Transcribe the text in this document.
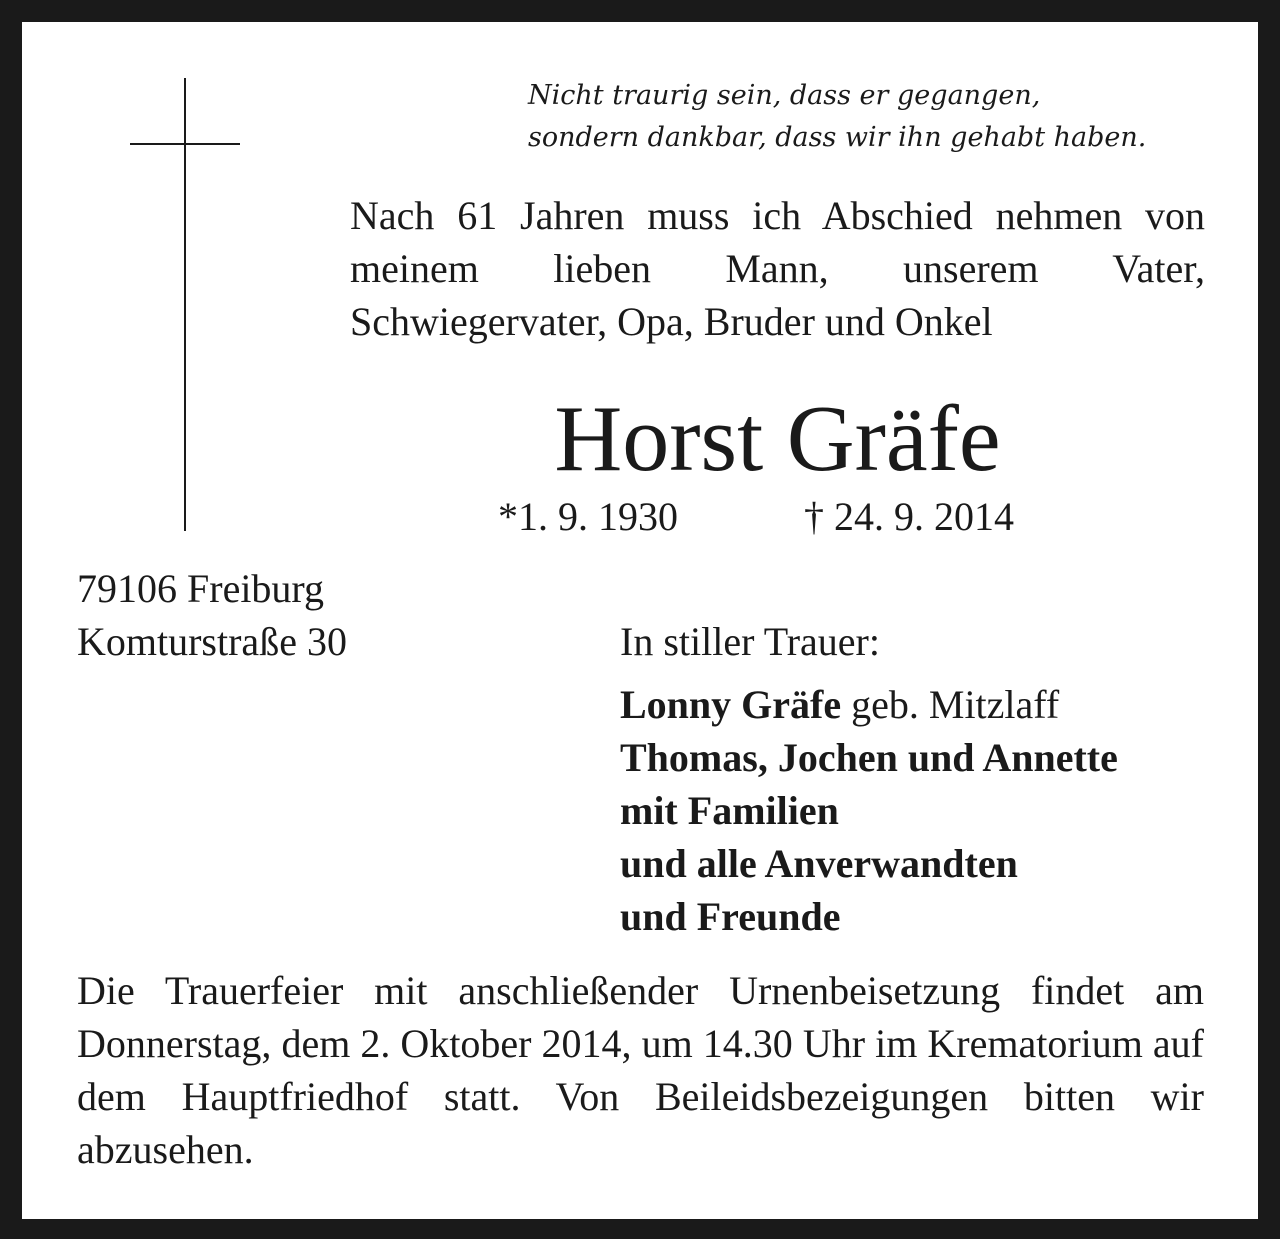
Nicht traurig sein, dass er gegangen,
sondern dankbar, dass wir ihn gehabt haben.
Nach 61 Jahren muss ich Abschied nehmen von meinem lieben Mann, unserem Vater, Schwiegervater, Opa, Bruder und Onkel
Horst Gräfe
*1. 9. 1930	† 24. 9. 2014
79106 Freiburg
Komturstraße 30	In stiller Trauer:
Lonny Gräfe geb. Mitzlaff
Thomas, Jochen und Annette
mit Familien
und alle Anverwandten
und Freunde
Die Trauerfeier mit anschließender Urnenbeisetzung findet am Donnerstag, dem 2. Oktober 2014, um 14.30 Uhr im Krematorium auf dem Hauptfriedhof statt. Von Beileidsbezeigungen bitten wir abzusehen.
